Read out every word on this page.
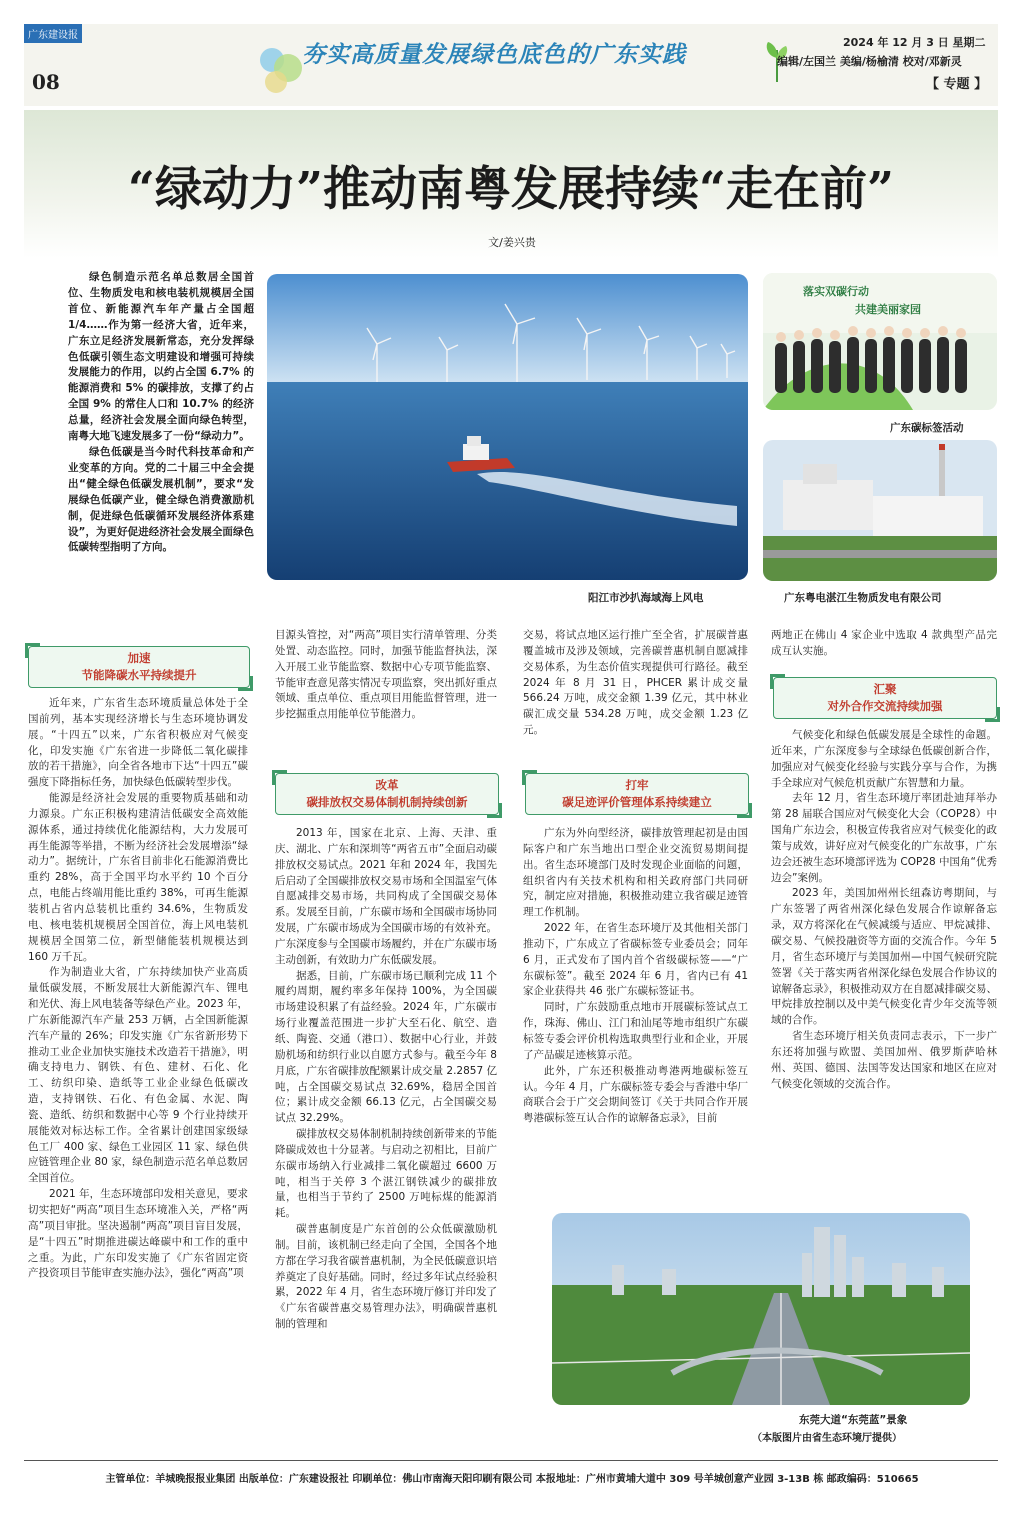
广东建设报
08
夯实高质量发展绿色底色的广东实践	2024 年 12 月 3 日 星期二
编辑/左国兰 美编/杨榆清 校对/邓新灵
【 专题 】
“绿动力”推动南粤发展持续“走在前”
文/姜兴贵

绿色制造示范名单总数居全国首位、生物质发电和核电装机规模居全国首位、新能源汽车年产量占全国超 1/4……作为第一经济大省，近年来，广东立足经济发展新常态，充分发挥绿色低碳引领生态文明建设和增强可持续发展能力的作用，以约占全国 6.7% 的能源消费和 5% 的碳排放，支撑了约占全国 9% 的常住人口和 10.7% 的经济总量，经济社会发展全面向绿色转型，南粤大地飞速发展多了一份“绿动力”。

绿色低碳是当今时代科技革命和产业变革的方向。党的二十届三中全会提出“健全绿色低碳发展机制”，要求“发展绿色低碳产业，健全绿色消费激励机制，促进绿色低碳循环发展经济体系建设”，为更好促进经济社会发展全面绿色低碳转型指明了方向。

阳江市沙扒海域海上风电
落实双碳行动
共建美丽家园
广东碳标签活动
广东粤电湛江生物质发电有限公司
加速
节能降碳水平持续提升

近年来，广东省生态环境质量总体处于全国前列，基本实现经济增长与生态环境协调发展。“十四五”以来，广东省积极应对气候变化，印发实施《广东省进一步降低二氧化碳排放的若干措施》，向全省各地市下达“十四五”碳强度下降指标任务，加快绿色低碳转型步伐。

能源是经济社会发展的重要物质基础和动力源泉。广东正积极构建清洁低碳安全高效能源体系，通过持续优化能源结构，大力发展可再生能源等举措，不断为经济社会发展增添“绿动力”。据统计，广东省目前非化石能源消费比重约 28%，高于全国平均水平约 10 个百分点，电能占终端用能比重约 38%，可再生能源装机占省内总装机比重约 34.6%，生物质发电、核电装机规模居全国首位，海上风电装机规模居全国第二位，新型储能装机规模达到 160 万千瓦。

作为制造业大省，广东持续加快产业高质量低碳发展，不断发展壮大新能源汽车、锂电和光伏、海上风电装备等绿色产业。2023 年，广东新能源汽车产量 253 万辆，占全国新能源汽车产量的 26%；印发实施《广东省新形势下推动工业企业加快实施技术改造若干措施》，明确支持电力、钢铁、有色、建材、石化、化工、纺织印染、造纸等工业企业绿色低碳改造，支持钢铁、石化、有色金属、水泥、陶瓷、造纸、纺织和数据中心等 9 个行业持续开展能效对标达标工作。全省累计创建国家级绿色工厂 400 家、绿色工业园区 11 家、绿色供应链管理企业 80 家，绿色制造示范名单总数居全国首位。

2021 年，生态环境部印发相关意见，要求切实把好“两高”项目生态环境准入关，严格“两高”项目审批。坚决遏制“两高”项目盲目发展，是“十四五”时期推进碳达峰碳中和工作的重中之重。为此，广东印发实施了《广东省固定资产投资项目节能审查实施办法》，强化“两高”项

目源头管控，对“两高”项目实行清单管理、分类处置、动态监控。同时，加强节能监督执法，深入开展工业节能监察、数据中心专项节能监察、节能审查意见落实情况专项监察，突出抓好重点领域、重点单位、重点项目用能监督管理，进一步挖掘重点用能单位节能潜力。

改革
碳排放权交易体制机制持续创新

2013 年，国家在北京、上海、天津、重庆、湖北、广东和深圳等“两省五市”全面启动碳排放权交易试点。2021 年和 2024 年，我国先后启动了全国碳排放权交易市场和全国温室气体自愿减排交易市场，共同构成了全国碳交易体系。发展至目前，广东碳市场和全国碳市场协同发展，广东碳市场成为全国碳市场的有效补充。广东深度参与全国碳市场履约，并在广东碳市场主动创新，有效助力广东低碳发展。

据悉，目前，广东碳市场已顺利完成 11 个履约周期，履约率多年保持 100%，为全国碳市场建设积累了有益经验。2024 年，广东碳市场行业覆盖范围进一步扩大至石化、航空、造纸、陶瓷、交通（港口）、数据中心行业，并鼓励机场和纺织行业以自愿方式参与。截至今年 8 月底，广东省碳排放配额累计成交量 2.2857 亿吨，占全国碳交易试点 32.69%，稳居全国首位；累计成交金额 66.13 亿元，占全国碳交易试点 32.29%。

碳排放权交易体制机制持续创新带来的节能降碳成效也十分显著。与启动之初相比，目前广东碳市场纳入行业减排二氧化碳超过 6600 万吨，相当于关停 3 个湛江钢铁减少的碳排放量，也相当于节约了 2500 万吨标煤的能源消耗。

碳普惠制度是广东首创的公众低碳激励机制。目前，该机制已经走向了全国，全国各个地方都在学习我省碳普惠机制，为全民低碳意识培养奠定了良好基础。同时，经过多年试点经验积累，2022 年 4 月，省生态环境厅修订并印发了《广东省碳普惠交易管理办法》，明确碳普惠机制的管理和

交易，将试点地区运行推广至全省，扩展碳普惠覆盖城市及涉及领域，完善碳普惠机制自愿减排交易体系，为生态价值实现提供可行路径。截至 2024 年 8 月 31 日，PHCER 累计成交量 566.24 万吨，成交金额 1.39 亿元，其中林业碳汇成交量 534.28 万吨，成交金额 1.23 亿元。

打牢
碳足迹评价管理体系持续建立

广东为外向型经济，碳排放管理起初是由国际客户和广东当地出口型企业交流贸易期间提出。省生态环境部门及时发现企业面临的问题，组织省内有关技术机构和相关政府部门共同研究，制定应对措施，积极推动建立我省碳足迹管理工作机制。

2022 年，在省生态环境厅及其他相关部门推动下，广东成立了省碳标签专业委员会；同年 6 月，正式发布了国内首个省级碳标签——“广东碳标签”。截至 2024 年 6 月，省内已有 41 家企业获得共 46 张广东碳标签证书。

同时，广东鼓励重点地市开展碳标签试点工作，珠海、佛山、江门和汕尾等地市组织广东碳标签专委会评价机构选取典型行业和企业，开展了产品碳足迹核算示范。

此外，广东还积极推动粤港两地碳标签互认。今年 4 月，广东碳标签专委会与香港中华厂商联合会于广交会期间签订《关于共同合作开展粤港碳标签互认合作的谅解备忘录》，目前

两地正在佛山 4 家企业中选取 4 款典型产品完成互认实施。

汇聚
对外合作交流持续加强

气候变化和绿色低碳发展是全球性的命题。近年来，广东深度参与全球绿色低碳创新合作，加强应对气候变化经验与实践分享与合作，为携手全球应对气候危机贡献广东智慧和力量。

去年 12 月，省生态环境厅率团赴迪拜举办第 28 届联合国应对气候变化大会（COP28）中国角广东边会，积极宣传我省应对气候变化的政策与成效，讲好应对气候变化的广东故事，广东边会还被生态环境部评选为 COP28 中国角“优秀边会”案例。

2023 年，美国加州州长纽森访粤期间，与广东签署了两省州深化绿色发展合作谅解备忘录，双方将深化在气候减缓与适应、甲烷减排、碳交易、气候投融资等方面的交流合作。今年 5 月，省生态环境厅与美国加州—中国气候研究院签署《关于落实两省州深化绿色发展合作协议的谅解备忘录》，积极推动双方在自愿减排碳交易、甲烷排放控制以及中美气候变化青少年交流等领域的合作。

省生态环境厅相关负责同志表示，下一步广东还将加强与欧盟、美国加州、俄罗斯萨哈林州、英国、德国、法国等发达国家和地区在应对气候变化领域的交流合作。

东莞大道“东莞蓝”景象
（本版图片由省生态环境厅提供）
主管单位：羊城晚报报业集团 出版单位：广东建设报社 印刷单位：佛山市南海天阳印刷有限公司 本报地址：广州市黄埔大道中 309 号羊城创意产业园 3-13B 栋 邮政编码：510665
